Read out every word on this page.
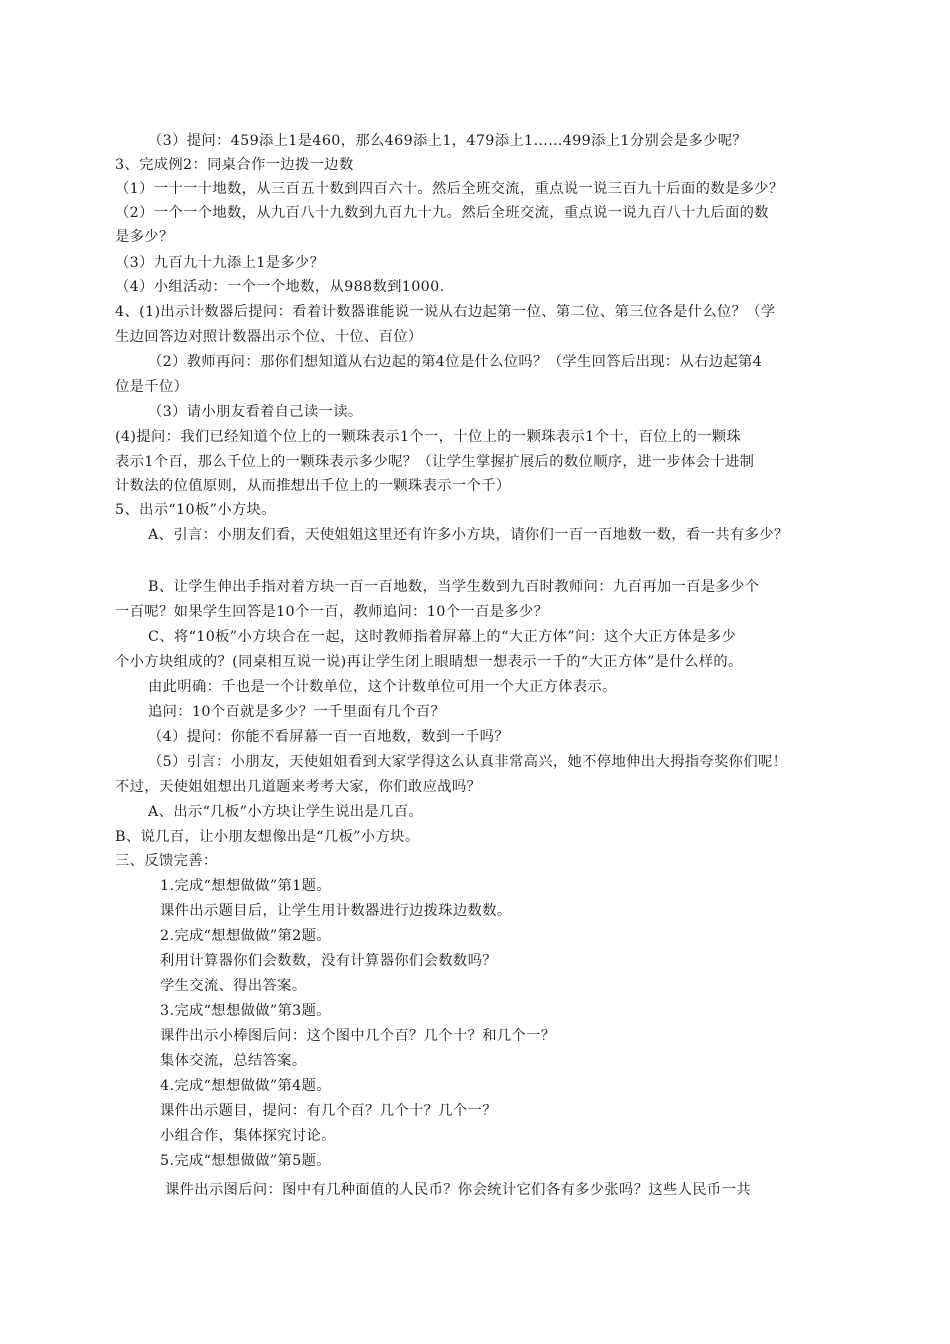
（3）提问：459添上1是460，那么469添上1，479添上1……499添上1分别会是多少呢？
3、完成例2：同桌合作一边拨一边数
（1）一十一十地数，从三百五十数到四百六十。然后全班交流，重点说一说三百九十后面的数是多少？
（2）一个一个地数，从九百八十九数到九百九十九。然后全班交流，重点说一说九百八十九后面的数
是多少？
（3）九百九十九添上1是多少？
（4）小组活动：一个一个地数，从988数到1000.
4、(1)出示计数器后提问：看着计数器谁能说一说从右边起第一位、第二位、第三位各是什么位？（学
生边回答边对照计数器出示个位、十位、百位）
（2）教师再问：那你们想知道从右边起的第4位是什么位吗？（学生回答后出现：从右边起第4
位是千位）
（3）请小朋友看着自己读一读。
(4)提问：我们已经知道个位上的一颗珠表示1个一，十位上的一颗珠表示1个十，百位上的一颗珠
表示1个百，那么千位上的一颗珠表示多少呢？（让学生掌握扩展后的数位顺序，进一步体会十进制
计数法的位值原则，从而推想出千位上的一颗珠表示一个千）
5、出示“10板”小方块。
A、引言：小朋友们看，天使姐姐这里还有许多小方块，请你们一百一百地数一数，看一共有多少？
B、让学生伸出手指对着方块一百一百地数，当学生数到九百时教师问：九百再加一百是多少个
一百呢？如果学生回答是10个一百，教师追问：10个一百是多少？
C、将“10板”小方块合在一起，这时教师指着屏幕上的“大正方体”问：这个大正方体是多少
个小方块组成的？(同桌相互说一说)再让学生闭上眼睛想一想表示一千的“大正方体”是什么样的。
由此明确：千也是一个计数单位，这个计数单位可用一个大正方体表示。
追问：10个百就是多少？一千里面有几个百？
（4）提问：你能不看屏幕一百一百地数，数到一千吗？
（5）引言：小朋友，天使姐姐看到大家学得这么认真非常高兴，她不停地伸出大拇指夸奖你们呢！
不过，天使姐姐想出几道题来考考大家，你们敢应战吗？
A、出示“几板”小方块让学生说出是几百。
B、说几百，让小朋友想像出是“几板”小方块。
三、反馈完善：
1.完成“想想做做”第1题。
课件出示题目后，让学生用计数器进行边拨珠边数数。
2.完成“想想做做”第2题。
利用计算器你们会数数，没有计算器你们会数数吗？
学生交流、得出答案。
3.完成“想想做做”第3题。
课件出示小棒图后问：这个图中几个百？几个十？和几个一？
集体交流，总结答案。
4.完成“想想做做”第4题。
课件出示题目，提问：有几个百？几个十？几个一？
小组合作，集体探究讨论。
5.完成“想想做做”第5题。
课件出示图后问：图中有几种面值的人民币？你会统计它们各有多少张吗？这些人民币一共
